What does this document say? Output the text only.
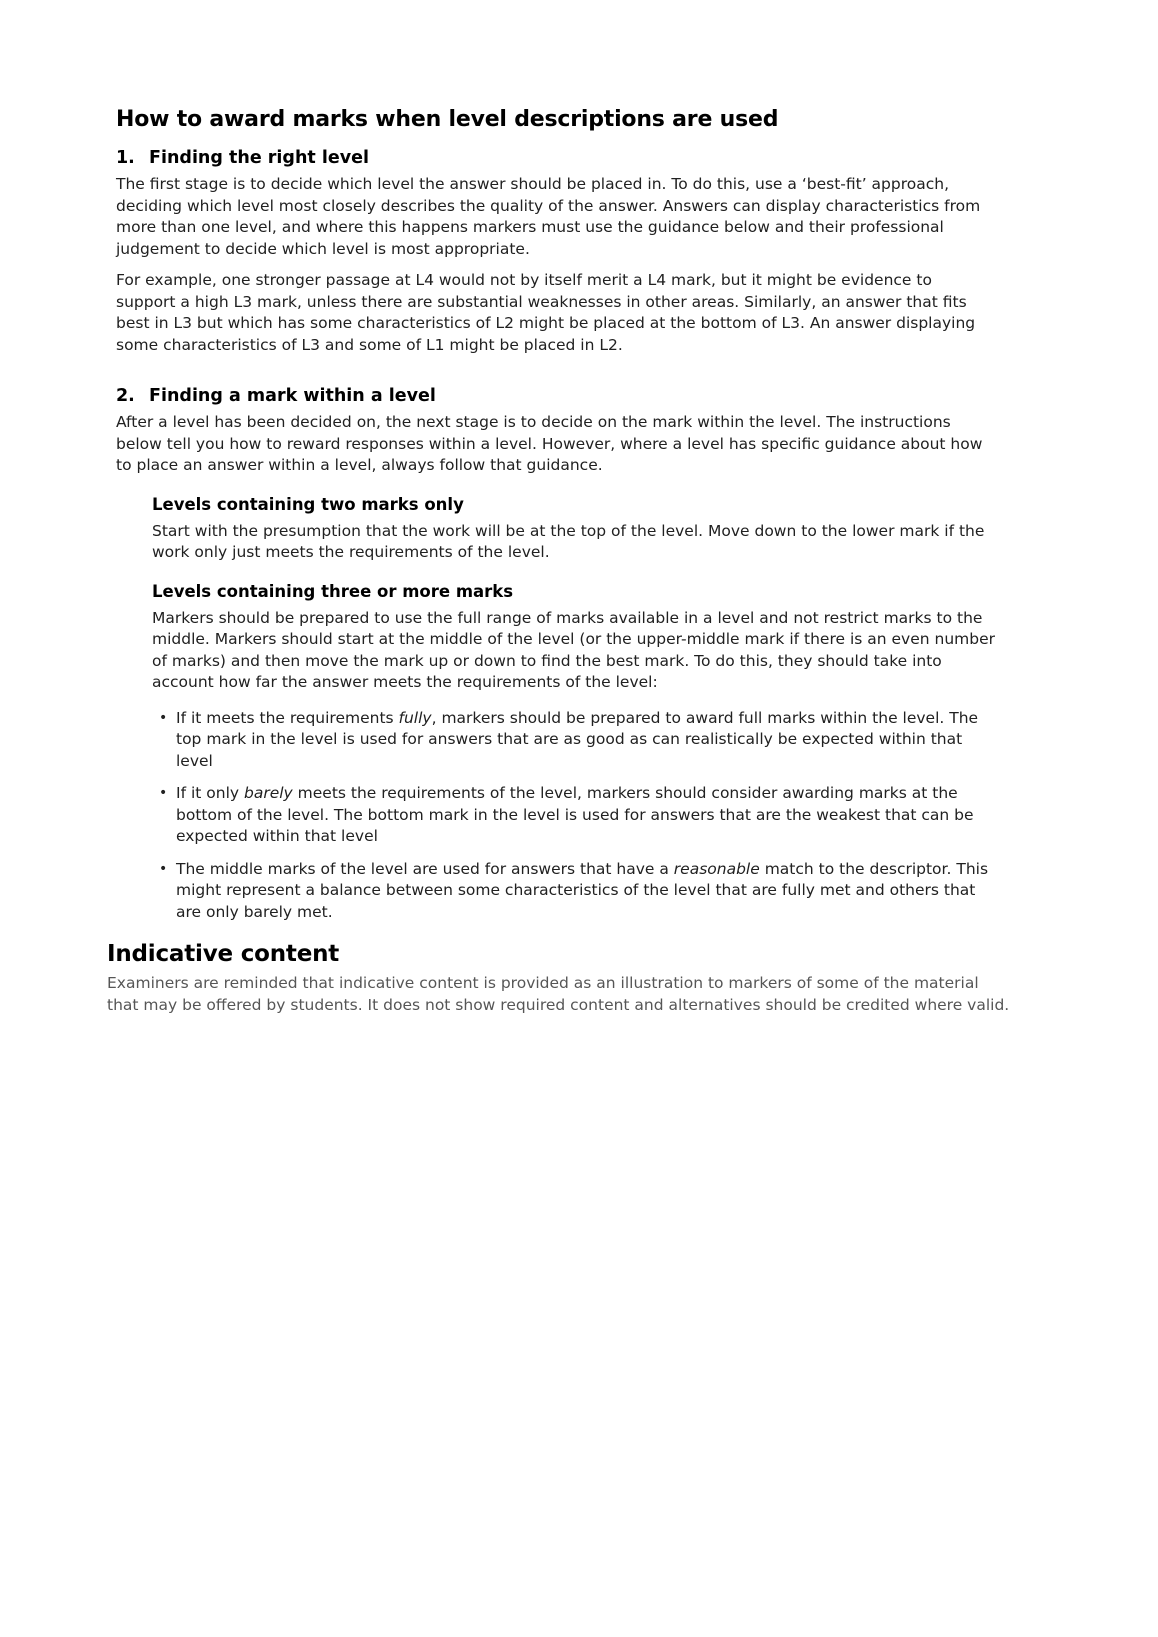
How to award marks when level descriptions are used
1. Finding the right level

The first stage is to decide which level the answer should be placed in. To do this, use a ‘best-fit’ approach, deciding which level most closely describes the quality of the answer. Answers can display characteristics from more than one level, and where this happens markers must use the guidance below and their professional judgement to decide which level is most appropriate.

For example, one stronger passage at L4 would not by itself merit a L4 mark, but it might be evidence to support a high L3 mark, unless there are substantial weaknesses in other areas. Similarly, an answer that fits best in L3 but which has some characteristics of L2 might be placed at the bottom of L3. An answer displaying some characteristics of L3 and some of L1 might be placed in L2.

2. Finding a mark within a level

After a level has been decided on, the next stage is to decide on the mark within the level. The instructions below tell you how to reward responses within a level. However, where a level has specific guidance about how to place an answer within a level, always follow that guidance.

Levels containing two marks only

Start with the presumption that the work will be at the top of the level. Move down to the lower mark if the work only just meets the requirements of the level.

Levels containing three or more marks

Markers should be prepared to use the full range of marks available in a level and not restrict marks to the middle. Markers should start at the middle of the level (or the upper-middle mark if there is an even number of marks) and then move the mark up or down to find the best mark. To do this, they should take into account how far the answer meets the requirements of the level:

• If it meets the requirements fully, markers should be prepared to award full marks within the level. The top mark in the level is used for answers that are as good as can realistically be expected within that level
• If it only barely meets the requirements of the level, markers should consider awarding marks at the bottom of the level. The bottom mark in the level is used for answers that are the weakest that can be expected within that level
• The middle marks of the level are used for answers that have a reasonable match to the descriptor. This might represent a balance between some characteristics of the level that are fully met and others that are only barely met.
Indicative content

Examiners are reminded that indicative content is provided as an illustration to markers of some of the material that may be offered by students. It does not show required content and alternatives should be credited where valid.
